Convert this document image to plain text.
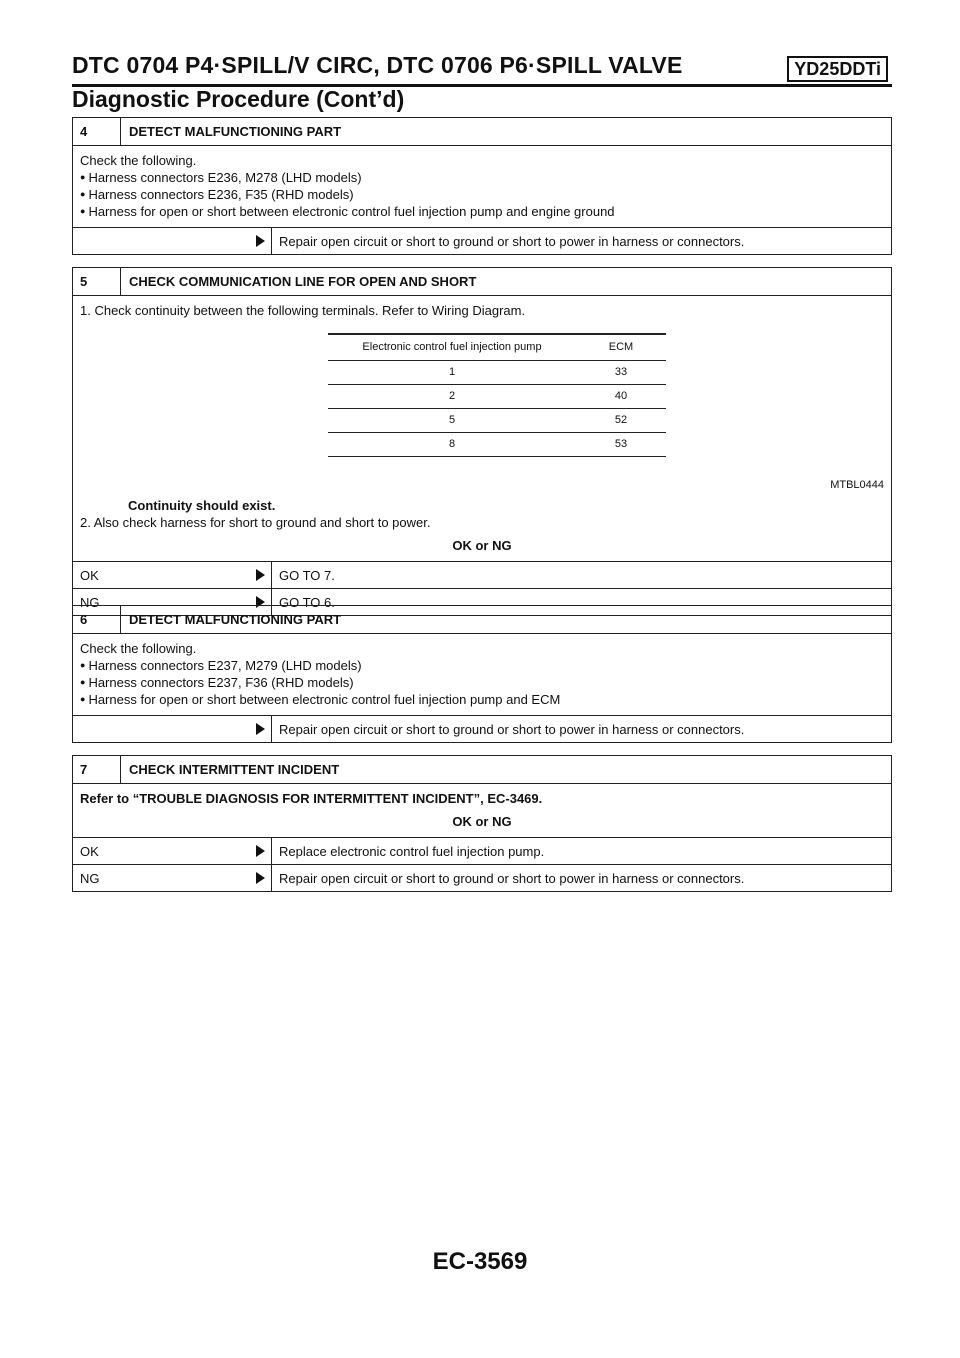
DTC 0704 P4·SPILL/V CIRC, DTC 0706 P6·SPILL VALVE	YD25DDTi
Diagnostic Procedure (Cont’d)
4	DETECT MALFUNCTIONING PART
Check the following.
● Harness connectors E236, M278 (LHD models)
● Harness connectors E236, F35 (RHD models)
● Harness for open or short between electronic control fuel injection pump and engine ground
Repair open circuit or short to ground or short to power in harness or connectors.
5	CHECK COMMUNICATION LINE FOR OPEN AND SHORT
1. Check continuity between the following terminals. Refer to Wiring Diagram.
Electronic control fuel injection pump	ECM
1	33
2	40
5	52
8	53
MTBL0444
Continuity should exist.
2. Also check harness for short to ground and short to power.
OK or NG
OK	GO TO 7.
NG	GO TO 6.
6	DETECT MALFUNCTIONING PART
Check the following.
● Harness connectors E237, M279 (LHD models)
● Harness connectors E237, F36 (RHD models)
● Harness for open or short between electronic control fuel injection pump and ECM
Repair open circuit or short to ground or short to power in harness or connectors.
7	CHECK INTERMITTENT INCIDENT
Refer to “TROUBLE DIAGNOSIS FOR INTERMITTENT INCIDENT”, EC-3469.
OK or NG
OK	Replace electronic control fuel injection pump.
NG	Repair open circuit or short to ground or short to power in harness or connectors.
EC-3569
